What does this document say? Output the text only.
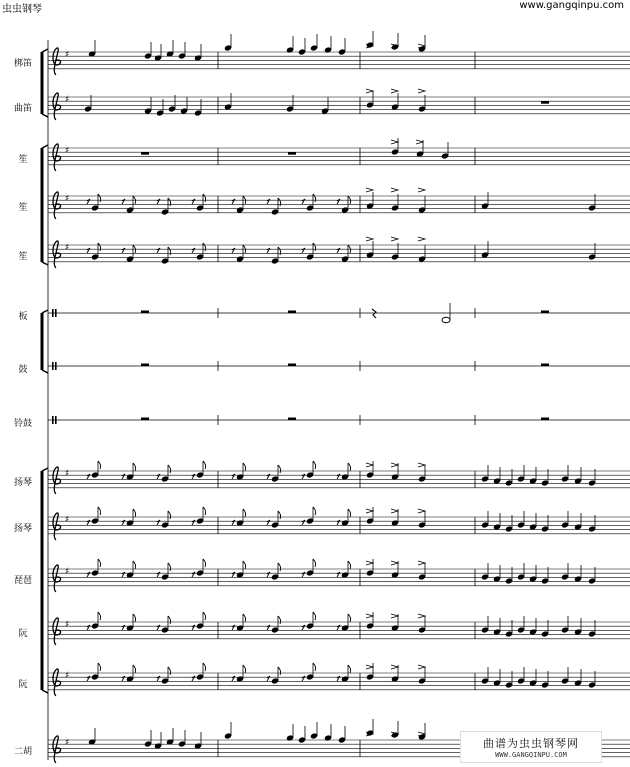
虫虫钢琴	www.gangqinpu.com
♯
♯
♯
♯
♯
♯
♯
♯
♯
♯
♯
梆笛
曲笛
笙
笙
笙
板
鼓
铃鼓
扬琴
扬琴
琵琶
阮
阮
二胡
曲谱为虫虫钢琴网
WWW.GANGQINPU.COM
